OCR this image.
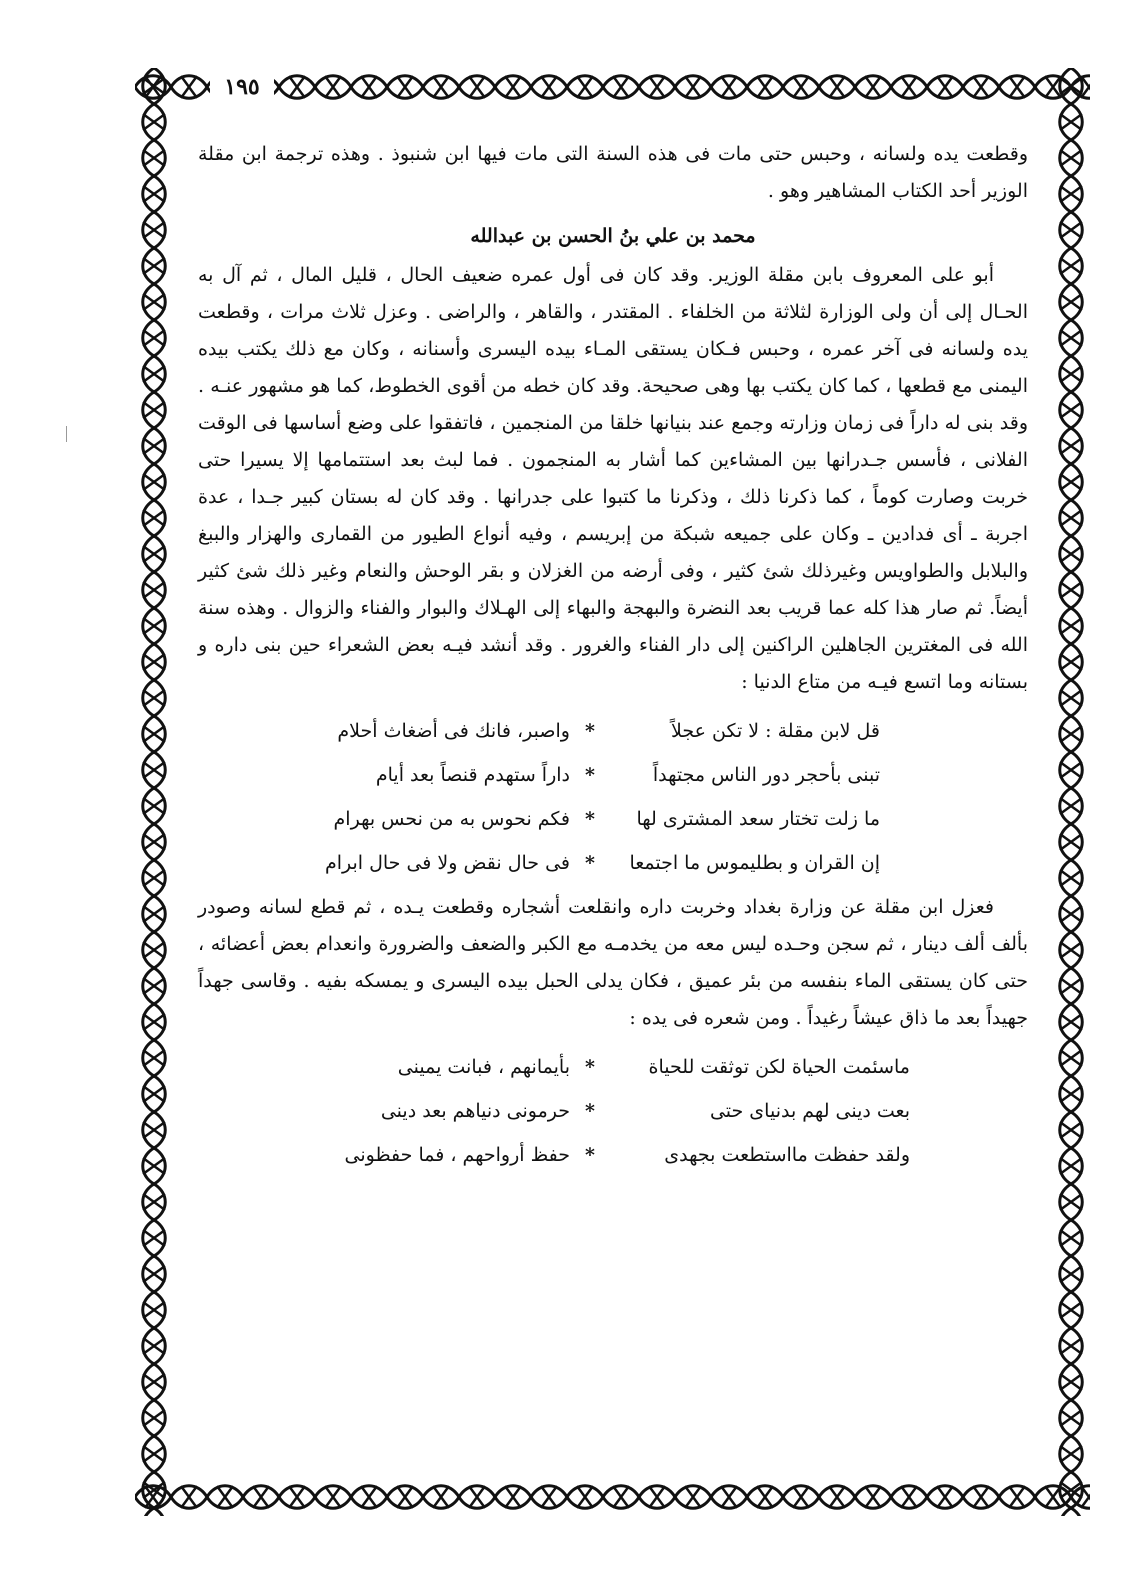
١٩٥

وقطعت يده ولسانه ، وحبس حتى مات فى هذه السنة التى مات فيها ابن شنبوذ . وهذه ترجمة ابن مقلة الوزير أحد الكتاب المشاهير وهو .

محمد بن علي بنُ الحسن بن عبدالله

أبو على المعروف بابن مقلة الوزير. وقد كان فى أول عمره ضعيف الحال ، قليل المال ، ثم آل به الحـال إلى أن ولى الوزارة لثلاثة من الخلفاء . المقتدر ، والقاهر ، والراضى . وعزل ثلاث مرات ، وقطعت يده ولسانه فى آخر عمره ، وحبس فـكان يستقى المـاء بيده اليسرى وأسنانه ، وكان مع ذلك يكتب بيده اليمنى مع قطعها ، كما كان يكتب بها وهى صحيحة. وقد كان خطه من أقوى الخطوط، كما هو مشهور عنـه . وقد بنى له داراً فى زمان وزارته وجمع عند بنيانها خلقا من المنجمين ، فاتفقوا على وضع أساسها فى الوقت الفلانى ، فأسس جـدرانها بين المشاءين كما أشار به المنجمون . فما لبث بعد استتمامها إلا يسيرا حتى خربت وصارت كوماً ، كما ذكرنا ذلك ، وذكرنا ما كتبوا على جدرانها . وقد كان له بستان كبير جـدا ، عدة اجربة ـ أى فدادين ـ وكان على جميعه شبكة من إبريسم ، وفيه أنواع الطيور من القمارى والهزار والببغ والبلابل والطواويس وغيرذلك شئ كثير ، وفى أرضه من الغزلان و بقر الوحش والنعام وغير ذلك شئ كثير أيضاً. ثم صار هذا كله عما قريب بعد النضرة والبهجة والبهاء إلى الهـلاك والبوار والفناء والزوال . وهذه سنة الله فى المغترين الجاهلين الراكنين إلى دار الفناء والغرور . وقد أنشد فيـه بعض الشعراء حين بنى داره و بستانه وما اتسع فيـه من متاع الدنيا :

قل لابن مقلة : لا تكن عجلاً
*
واصبر، فانك فى أضغاث أحلام
تبنى بأحجر دور الناس مجتهداً
*
داراً ستهدم قنصاً بعد أيام
ما زلت تختار سعد المشترى لها
*
فكم نحوس به من نحس بهرام
إن القران و بطليموس ما اجتمعا
*
فى حال نقض ولا فى حال ابرام

فعزل ابن مقلة عن وزارة بغداد وخربت داره وانقلعت أشجاره وقطعت يـده ، ثم قطع لسانه وصودر بألف ألف دينار ، ثم سجن وحـده ليس معه من يخدمـه مع الكبر والضعف والضرورة وانعدام بعض أعضائه ، حتى كان يستقى الماء بنفسه من بئر عميق ، فكان يدلى الحبل بيده اليسرى و يمسكه بفيه . وقاسى جهداً جهيداً بعد ما ذاق عيشاً رغيداً . ومن شعره فى يده :

ماسئمت الحياة لكن توثقت للحياة
*
بأيمانهم ، فبانت يمينى
بعت دينى لهم بدنياى حتى
*
حرمونى دنياهم بعد دينى
ولقد حفظت مااستطعت بجهدى
*
حفظ أرواحهم ، فما حفظونى
